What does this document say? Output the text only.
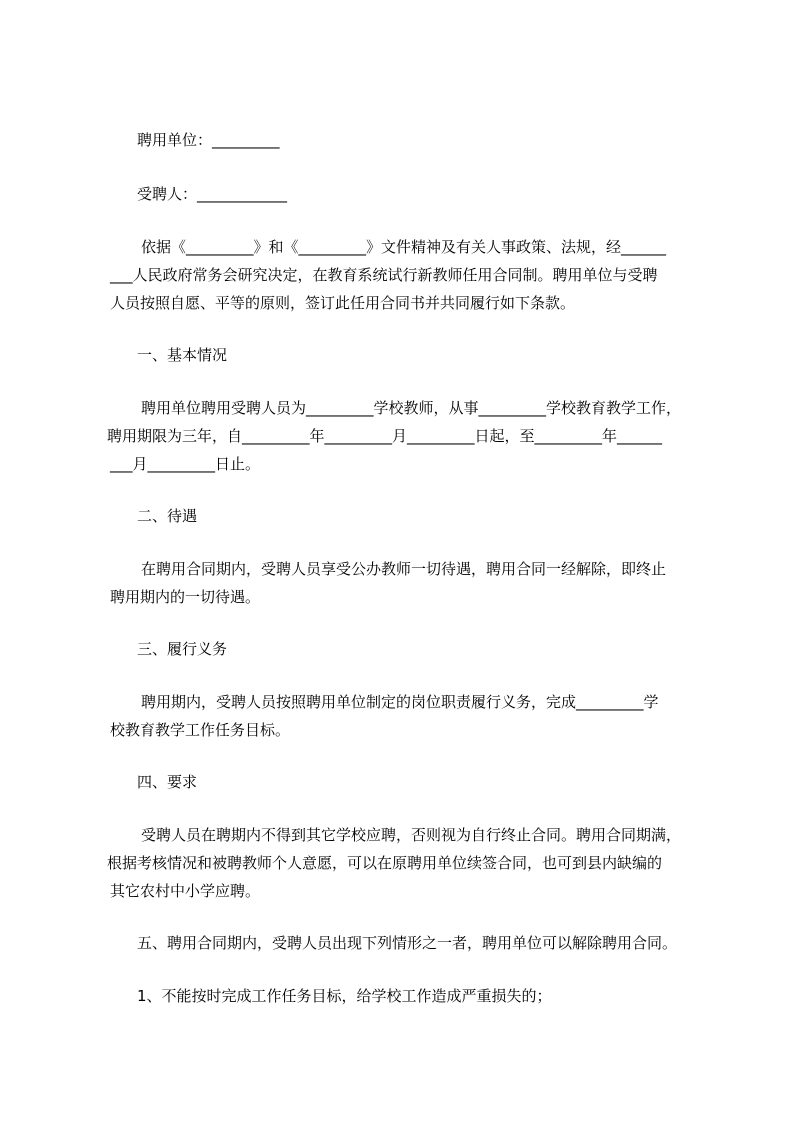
聘用单位：_________
受聘人：____________
依据《_________》和《_________》文件精神及有关人事政策、法规，经______
___人民政府常务会研究决定，在教育系统试行新教师任用合同制。聘用单位与受聘
人员按照自愿、平等的原则，签订此任用合同书并共同履行如下条款。
一、基本情况
聘用单位聘用受聘人员为_________学校教师，从事_________学校教育教学工作，
聘用期限为三年，自_________年_________月_________日起，至_________年______
___月_________日止。
二、待遇
在聘用合同期内，受聘人员享受公办教师一切待遇，聘用合同一经解除，即终止
聘用期内的一切待遇。
三、履行义务
聘用期内，受聘人员按照聘用单位制定的岗位职责履行义务，完成_________学
校教育教学工作任务目标。
四、要求
受聘人员在聘期内不得到其它学校应聘，否则视为自行终止合同。聘用合同期满，
根据考核情况和被聘教师个人意愿，可以在原聘用单位续签合同，也可到县内缺编的
其它农村中小学应聘。
五、聘用合同期内，受聘人员出现下列情形之一者，聘用单位可以解除聘用合同。
1、不能按时完成工作任务目标，给学校工作造成严重损失的；
